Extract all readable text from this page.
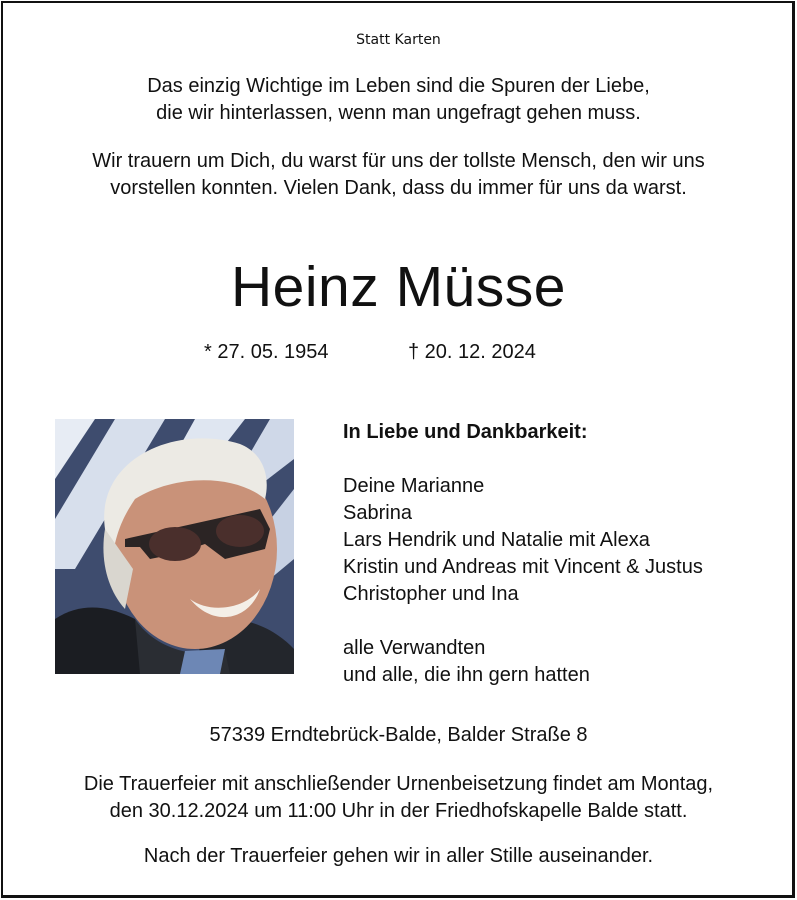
Statt Karten
Das einzig Wichtige im Leben sind die Spuren der Liebe,
die wir hinterlassen, wenn man ungefragt gehen muss.
Wir trauern um Dich, du warst für uns der tollste Mensch, den wir uns
vorstellen konnten. Vielen Dank, dass du immer für uns da warst.
Heinz Müsse
* 27. 05. 1954	† 20. 12. 2024
In Liebe und Dankbarkeit:
Deine Marianne
Sabrina
Lars Hendrik und Natalie mit Alexa
Kristin und Andreas mit Vincent & Justus
Christopher und Ina
alle Verwandten
und alle, die ihn gern hatten
57339 Erndtebrück-Balde, Balder Straße 8
Die Trauerfeier mit anschließender Urnenbeisetzung findet am Montag,
den 30.12.2024 um 11:00 Uhr in der Friedhofskapelle Balde statt.
Nach der Trauerfeier gehen wir in aller Stille auseinander.
